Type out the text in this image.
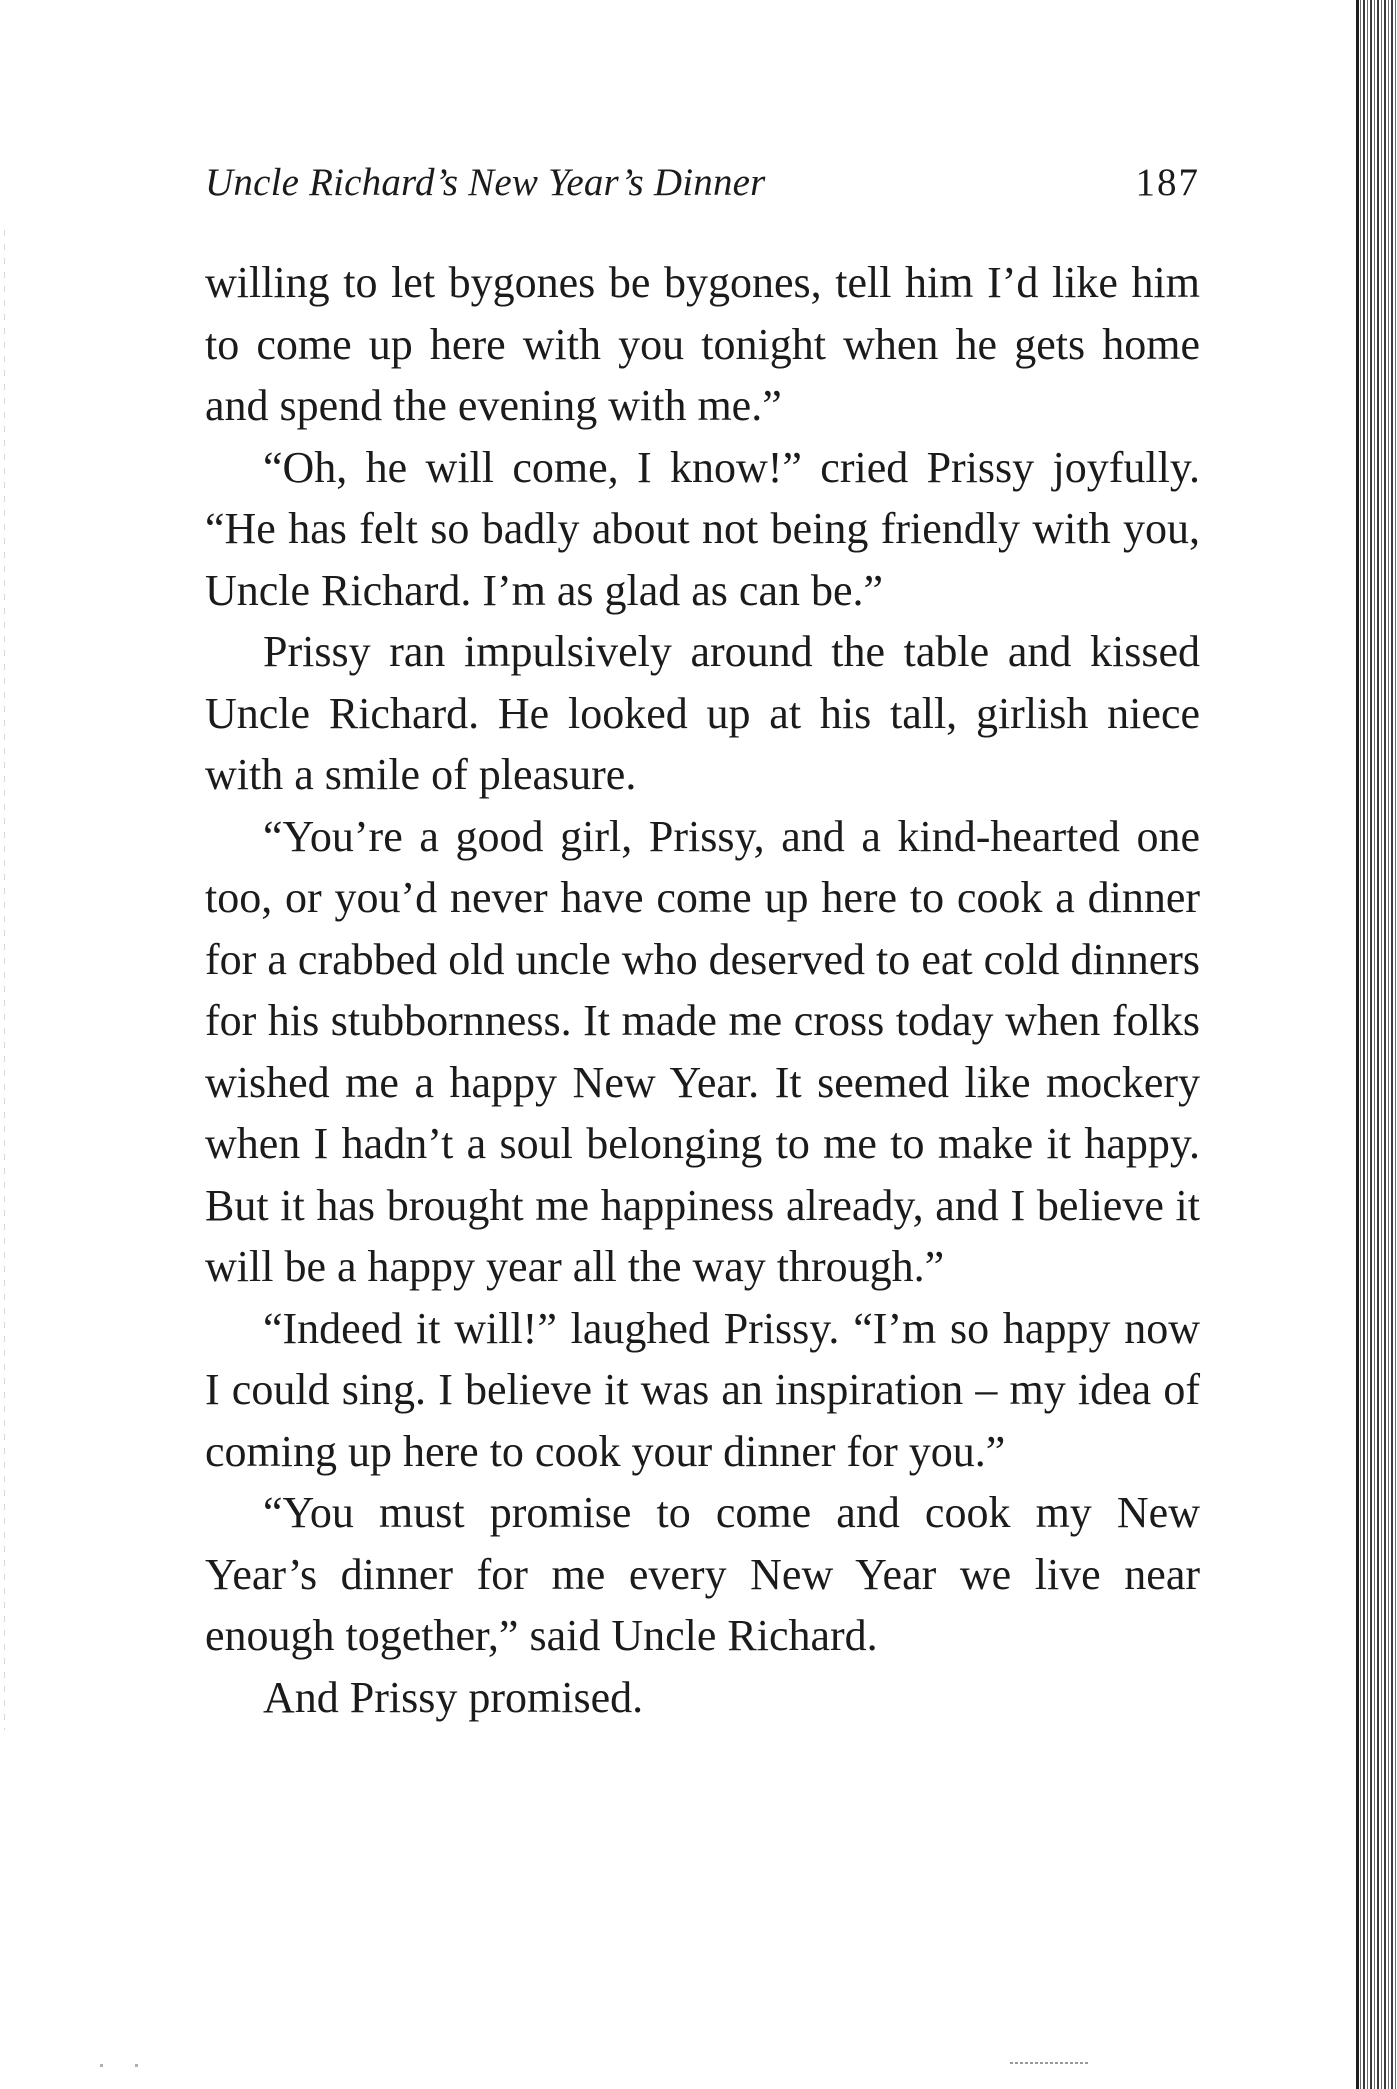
Uncle Richard’s New Year’s Dinner	187

willing to let bygones be bygones, tell him I’d like him to come up here with you tonight when he gets home and spend the evening with me.”

“Oh, he will come, I know!” cried Prissy joyfully. “He has felt so badly about not being friendly with you, Uncle Richard. I’m as glad as can be.”

Prissy ran impulsively around the table and kissed Uncle Richard. He looked up at his tall, girlish niece with a smile of pleasure.

“You’re a good girl, Prissy, and a kind-hearted one too, or you’d never have come up here to cook a dinner for a crabbed old uncle who deserved to eat cold dinners for his stubbornness. It made me cross today when folks wished me a happy New Year. It seemed like mockery when I hadn’t a soul belonging to me to make it happy. But it has brought me happiness already, and I believe it will be a happy year all the way through.”

“Indeed it will!” laughed Prissy. “I’m so happy now I could sing. I believe it was an inspiration – my idea of coming up here to cook your dinner for you.”

“You must promise to come and cook my New Year’s dinner for me every New Year we live near enough together,” said Uncle Richard.

And Prissy promised.
